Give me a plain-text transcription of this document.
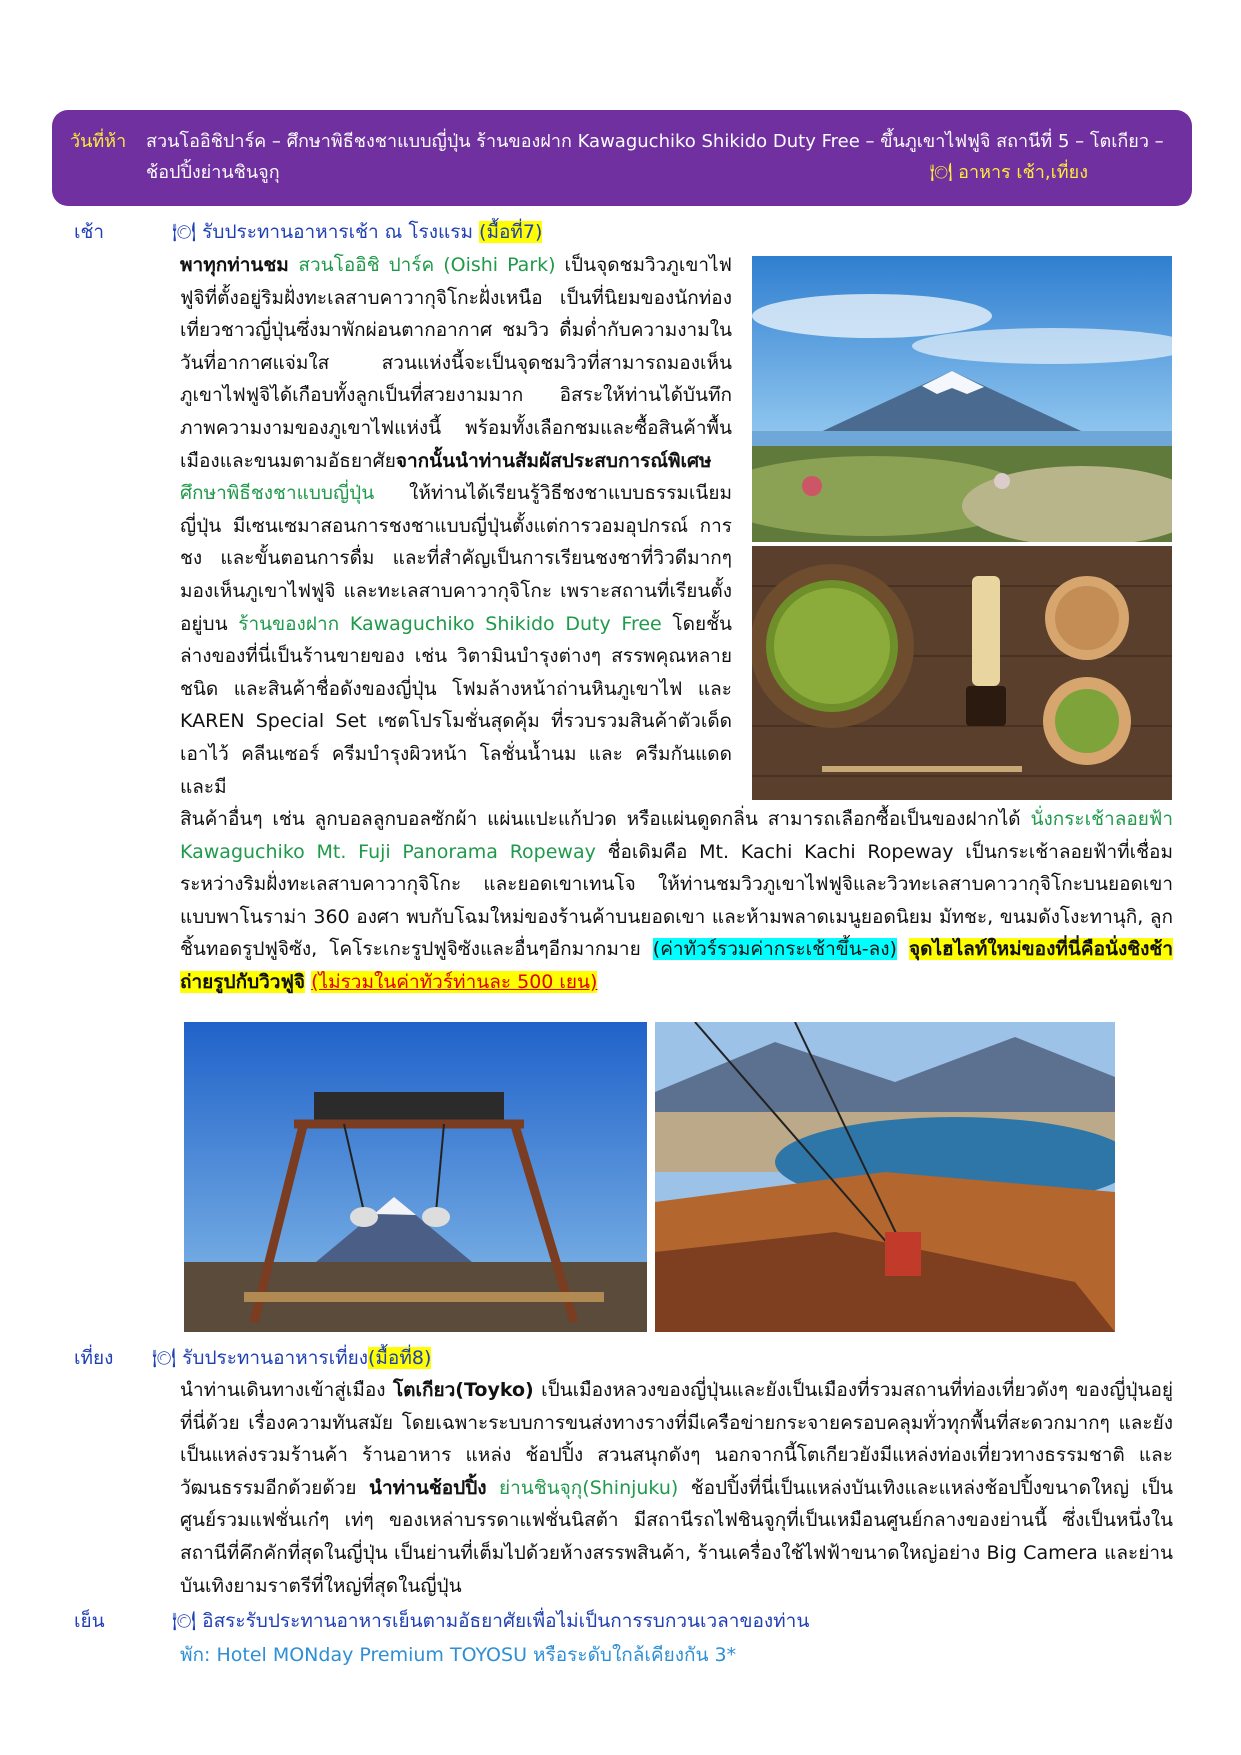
วันที่ห้า สวนโออิชิปาร์ค – ศึกษาพิธีชงชาแบบญี่ปุ่น ร้านของฝาก Kawaguchiko Shikido Duty Free – ขึ้นภูเขาไฟฟูจิ สถานีที่ 5 – โตเกียว – ช้อปปิ้งย่านชินจูกุ	🍽 อาหาร เช้า,เที่ยง
เช้า	🍽 รับประทานอาหารเช้า ณ โรงแรม (มื้อที่7)
พาทุกท่านชม สวนโออิชิ ปาร์ค (Oishi Park) เป็นจุดชมวิวภูเขาไฟฟูจิที่ตั้งอยู่ริมฝั่งทะเลสาบคาวากุจิโกะฝั่งเหนือ เป็นที่นิยมของนักท่องเที่ยวชาวญี่ปุ่นซึ่งมาพักผ่อนตากอากาศ ชมวิว ดื่มด่ำกับความงามในวันที่อากาศแจ่มใส สวนแห่งนี้จะเป็นจุดชมวิวที่สามารถมองเห็นภูเขาไฟฟูจิได้เกือบทั้งลูกเป็นที่สวยงามมาก อิสระให้ท่านได้บันทึกภาพความงามของภูเขาไฟแห่งนี้ พร้อมทั้งเลือกชมและซื้อสินค้าพื้นเมืองและขนมตามอัธยาศัยจากนั้นนำท่านสัมผัสประสบการณ์พิเศษ ศึกษาพิธีชงชาแบบญี่ปุ่น ให้ท่านได้เรียนรู้วิธีชงชาแบบธรรมเนียมญี่ปุ่น มีเซนเซมาสอนการชงชาแบบญี่ปุ่นตั้งแต่การวอมอุปกรณ์ การชง และขั้นตอนการดื่ม และที่สำคัญเป็นการเรียนชงชาที่วิวดีมากๆ มองเห็นภูเขาไฟฟูจิ และทะเลสาบคาวากุจิโกะ เพราะสถานที่เรียนตั้งอยู่บน ร้านของฝาก Kawaguchiko Shikido Duty Free โดยชั้นล่างของที่นี่เป็นร้านขายของ เช่น วิตามินบำรุงต่างๆ สรรพคุณหลายชนิด และสินค้าชื่อดังของญี่ปุ่น โฟมล้างหน้าถ่านหินภูเขาไฟ และ KAREN Special Set เซตโปรโมชั่นสุดคุ้ม ที่รวบรวมสินค้าตัวเด็ดเอาไว้ คลีนเซอร์ ครีมบำรุงผิวหน้า โลชั่นน้ำนม และ ครีมกันแดด และมี
สินค้าอื่นๆ เช่น ลูกบอลลูกบอลซักผ้า แผ่นแปะแก้ปวด หรือแผ่นดูดกลิ่น สามารถเลือกซื้อเป็นของฝากได้ นั่งกระเช้าลอยฟ้า Kawaguchiko Mt. Fuji Panorama Ropeway ชื่อเดิมคือ Mt. Kachi Kachi Ropeway เป็นกระเช้าลอยฟ้าที่เชื่อมระหว่างริมฝั่งทะเลสาบคาวากุจิโกะ และยอดเขาเทนโจ ให้ท่านชมวิวภูเขาไฟฟูจิและวิวทะเลสาบคาวากุจิโกะบนยอดเขาแบบพาโนราม่า 360 องศา พบกับโฉมใหม่ของร้านค้าบนยอดเขา และห้ามพลาดเมนูยอดนิยม มัทชะ, ขนมดังโงะทานุกิ, ลูกชิ้นทอดรูปฟูจิซัง, โคโระเกะรูปฟูจิซังและอื่นๆอีกมากมาย (ค่าทัวร์รวมค่ากระเช้าขึ้น-ลง) จุดไฮไลท์ใหม่ของที่นี่คือนั่งชิงช้าถ่ายรูปกับวิวฟูจิ (ไม่รวมในค่าทัวร์ท่านละ 500 เยน)
เที่ยง 🍽 รับประทานอาหารเที่ยง(มื้อที่8)
นำท่านเดินทางเข้าสู่เมือง โตเกียว(Toyko) เป็นเมืองหลวงของญี่ปุ่นและยังเป็นเมืองที่รวมสถานที่ท่องเที่ยวดังๆ ของญี่ปุ่นอยู่ที่นี่ด้วย เรื่องความทันสมัย โดยเฉพาะระบบการขนส่งทางรางที่มีเครือข่ายกระจายครอบคลุมทั่วทุกพื้นที่สะดวกมากๆ และยังเป็นแหล่งรวมร้านค้า ร้านอาหาร แหล่ง ช้อปปิ้ง สวนสนุกดังๆ นอกจากนี้โตเกียวยังมีแหล่งท่องเที่ยวทางธรรมชาติ และวัฒนธรรมอีกด้วยด้วย นำท่านช้อปปิ้ง ย่านชินจุกุ(Shinjuku) ช้อปปิ้งที่นี่เป็นแหล่งบันเทิงและแหล่งช้อปปิ้งขนาดใหญ่ เป็นศูนย์รวมแฟชั่นเก๋ๆ เท่ๆ ของเหล่าบรรดาแฟชั่นนิสต้า มีสถานีรถไฟชินจูกุที่เป็นเหมือนศูนย์กลางของย่านนี้ ซึ่งเป็นหนึ่งในสถานีที่คึกคักที่สุดในญี่ปุ่น เป็นย่านที่เต็มไปด้วยห้างสรรพสินค้า, ร้านเครื่องใช้ไฟฟ้าขนาดใหญ่อย่าง Big Camera และย่านบันเทิงยามราตรีที่ใหญ่ที่สุดในญี่ปุ่น
เย็น	🍽 อิสระรับประทานอาหารเย็นตามอัธยาศัยเพื่อไม่เป็นการรบกวนเวลาของท่าน
พัก: Hotel MONday Premium TOYOSU หรือระดับใกล้เคียงกัน 3*
